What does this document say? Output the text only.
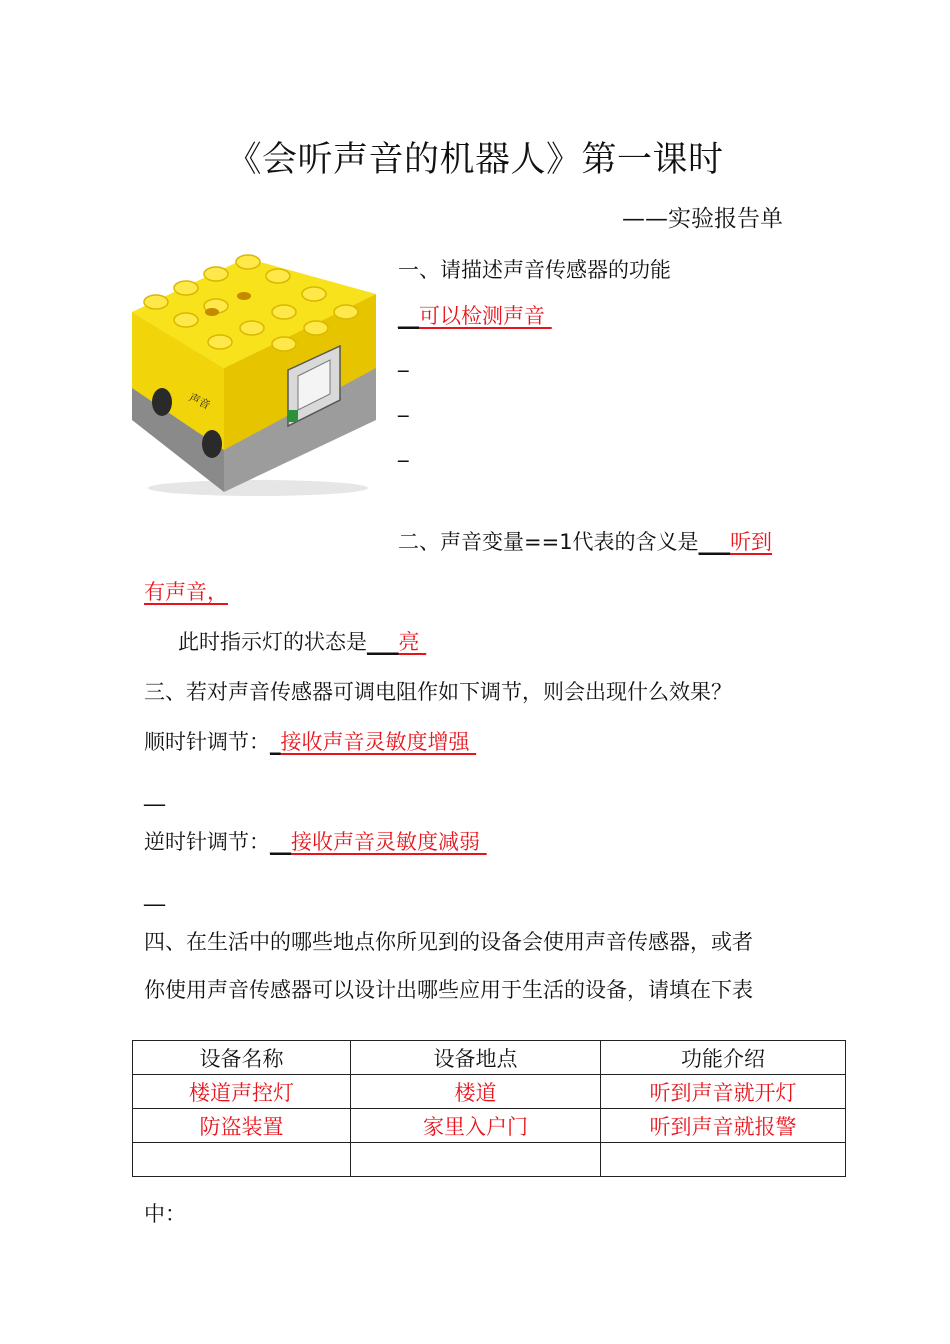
《会听声音的机器人》第一课时
——实验报告单
声音
一、请描述声音传感器的功能
__可以检测声音
_
_
_
二、声音变量==1代表的含义是___听到
有声音，
此时指示灯的状态是___亮
三、若对声音传感器可调电阻作如下调节，则会出现什么效果？
顺时针调节：_接收声音灵敏度增强
__
逆时针调节：__接收声音灵敏度减弱
__
四、在生活中的哪些地点你所见到的设备会使用声音传感器，或者
你使用声音传感器可以设计出哪些应用于生活的设备，请填在下表
设备名称	设备地点	功能介绍
楼道声控灯	楼道	听到声音就开灯
防盗装置	家里入户门	听到声音就报警

中：
